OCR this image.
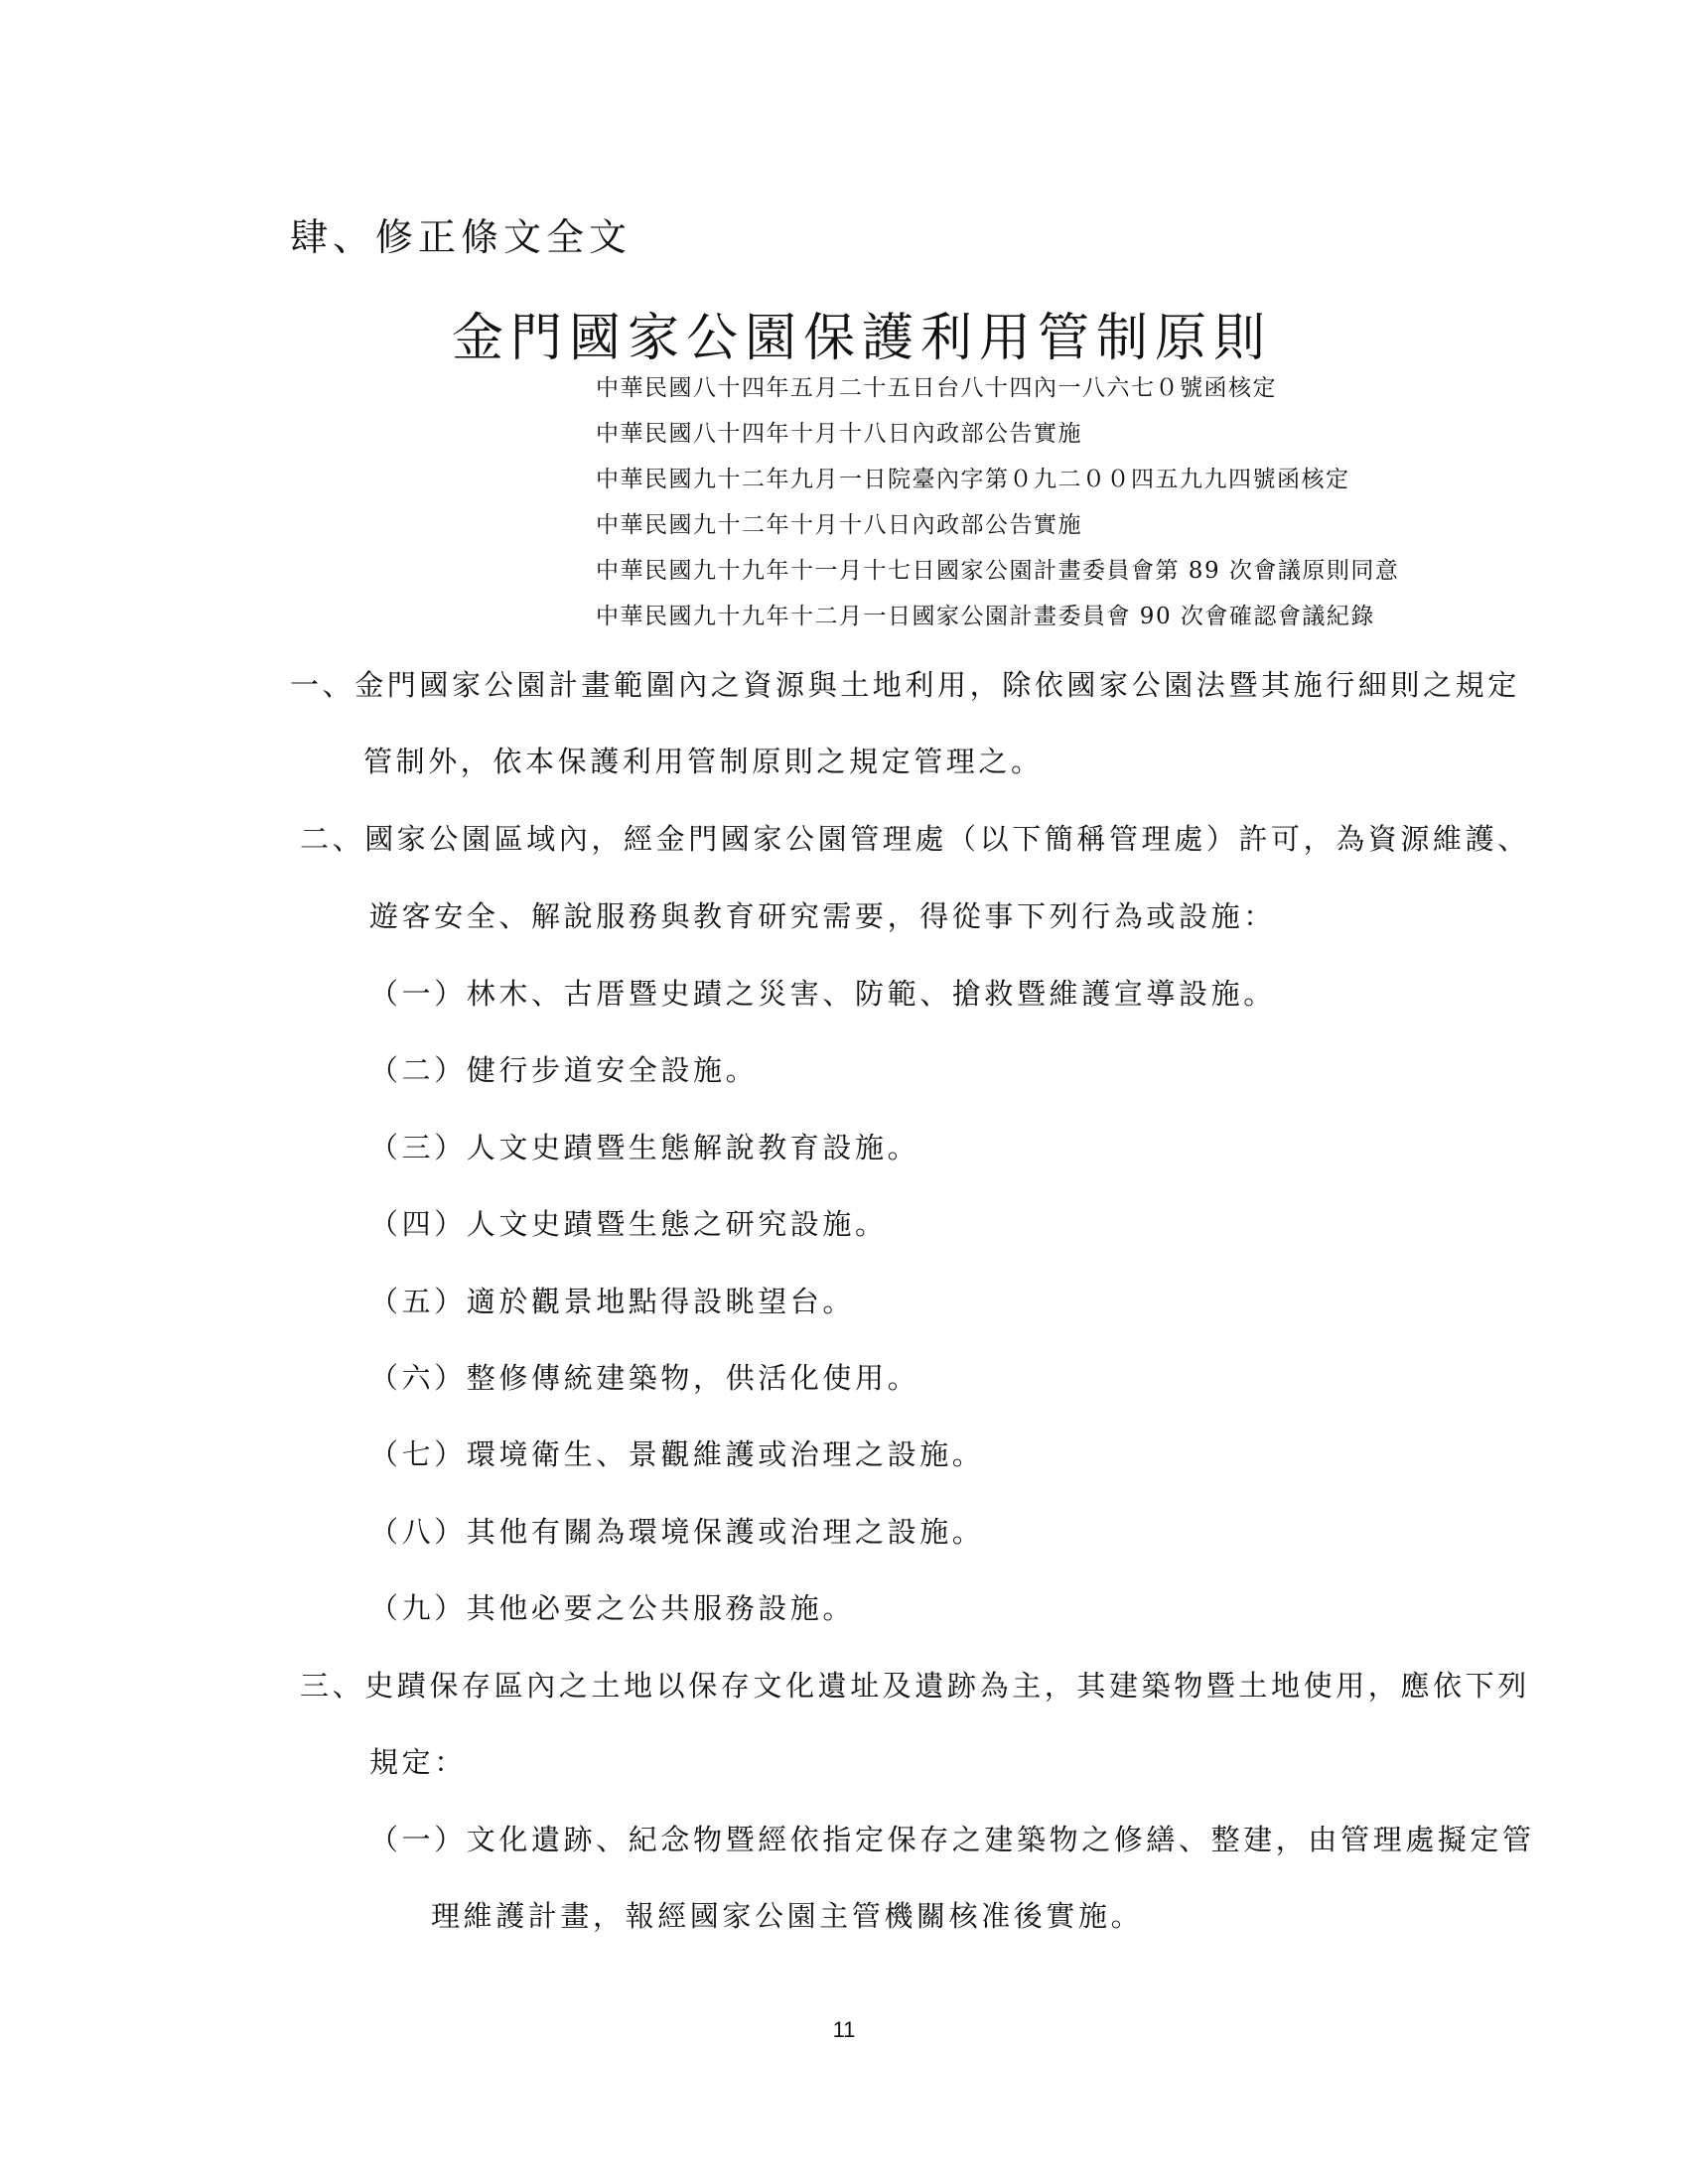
肆、修正條文全文
金門國家公園保護利用管制原則
中華民國八十四年五月二十五日台八十四內一八六七０號函核定
中華民國八十四年十月十八日內政部公告實施
中華民國九十二年九月一日院臺內字第０九二００四五九九四號函核定
中華民國九十二年十月十八日內政部公告實施
中華民國九十九年十一月十七日國家公園計畫委員會第 89 次會議原則同意
中華民國九十九年十二月一日國家公園計畫委員會 90 次會確認會議紀錄

一、金門國家公園計畫範圍內之資源與土地利用，除依國家公園法暨其施行細則之規定

管制外，依本保護利用管制原則之規定管理之。

二、國家公園區域內，經金門國家公園管理處（以下簡稱管理處）許可，為資源維護、

遊客安全、解說服務與教育研究需要，得從事下列行為或設施：

（一）林木、古厝暨史蹟之災害、防範、搶救暨維護宣導設施。

（二）健行步道安全設施。

（三）人文史蹟暨生態解說教育設施。

（四）人文史蹟暨生態之研究設施。

（五）適於觀景地點得設眺望台。

（六）整修傳統建築物，供活化使用。

（七）環境衛生、景觀維護或治理之設施。

（八）其他有關為環境保護或治理之設施。

（九）其他必要之公共服務設施。

三、史蹟保存區內之土地以保存文化遺址及遺跡為主，其建築物暨土地使用，應依下列

規定：

（一）文化遺跡、紀念物暨經依指定保存之建築物之修繕、整建，由管理處擬定管

理維護計畫，報經國家公園主管機關核准後實施。

11
